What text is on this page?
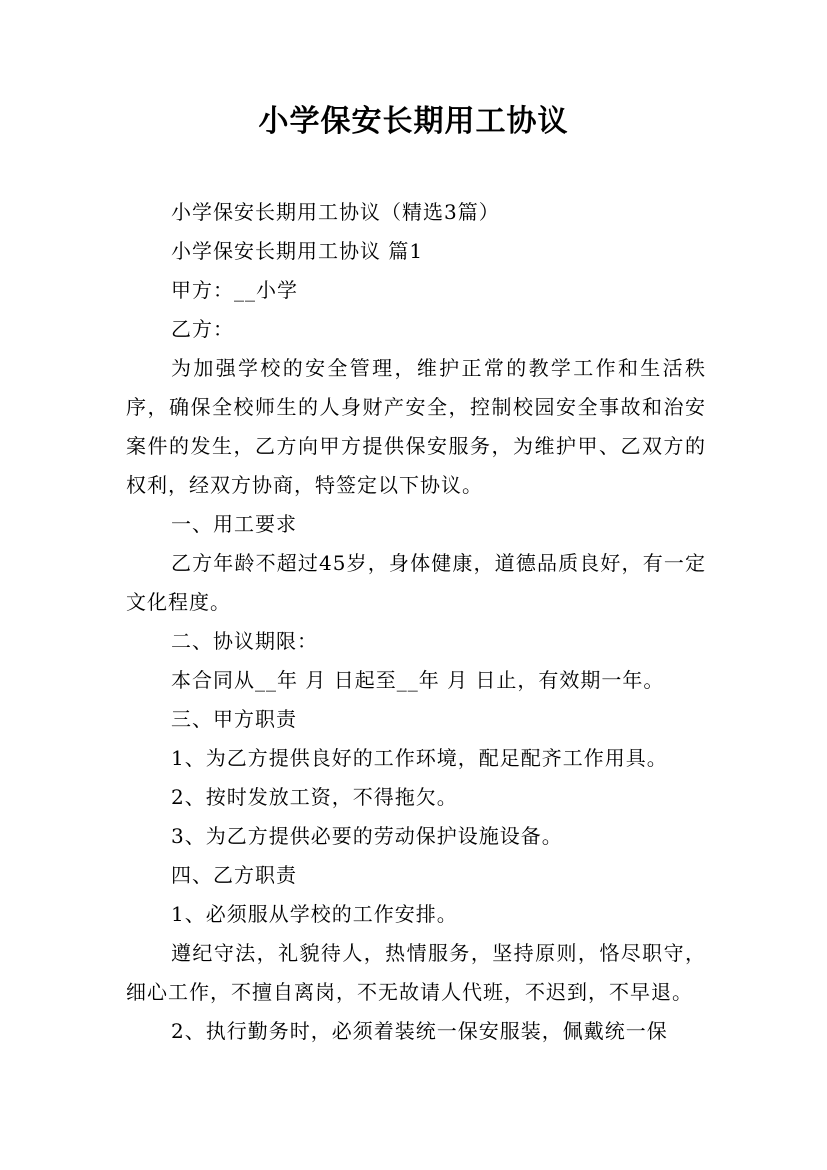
小学保安长期用工协议

小学保安长期用工协议（精选3篇）

小学保安长期用工协议 篇1

甲方：__小学

乙方：

为加强学校的安全管理，维护正常的教学工作和生活秩序，确保全校师生的人身财产安全，控制校园安全事故和治安案件的发生，乙方向甲方提供保安服务，为维护甲、乙双方的权利，经双方协商，特签定以下协议。

一、用工要求

乙方年龄不超过45岁，身体健康，道德品质良好，有一定文化程度。

二、协议期限：

本合同从__年 月 日起至__年 月 日止，有效期一年。

三、甲方职责

1、为乙方提供良好的工作环境，配足配齐工作用具。

2、按时发放工资，不得拖欠。

3、为乙方提供必要的劳动保护设施设备。

四、乙方职责

1、必须服从学校的工作安排。

遵纪守法，礼貌待人，热情服务，坚持原则，恪尽职守，细心工作，不擅自离岗，不无故请人代班，不迟到，不早退。

2、执行勤务时，必须着装统一保安服装，佩戴统一保
